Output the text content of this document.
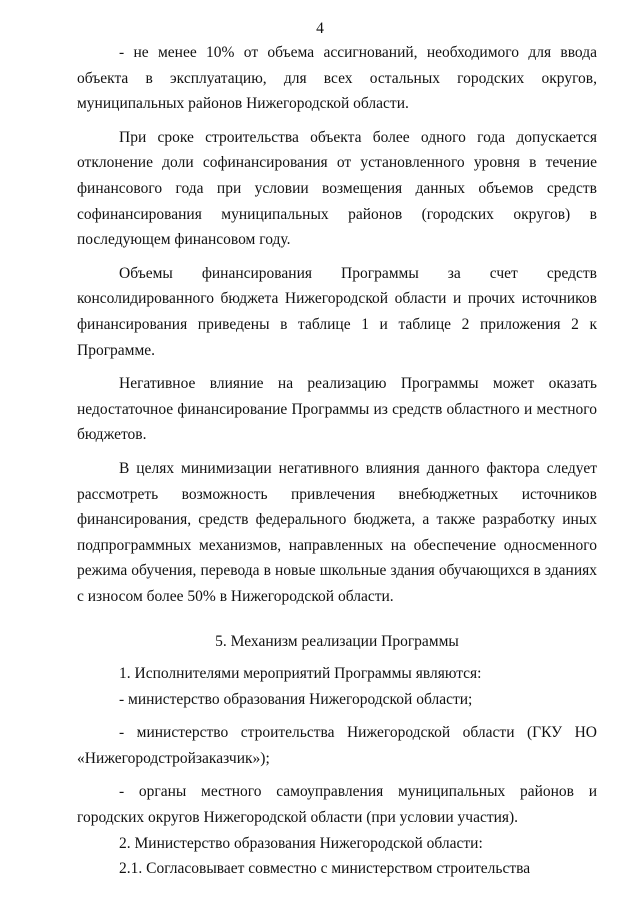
4

- не менее 10% от объема ассигнований, необходимого для ввода объекта в эксплуатацию, для всех остальных городских округов, муниципальных районов Нижегородской области.

При сроке строительства объекта более одного года допускается отклонение доли софинансирования от установленного уровня в течение финансового года при условии возмещения данных объемов средств софинансирования муниципальных районов (городских округов) в последующем финансовом году.

Объемы финансирования Программы за счет средств консолидированного бюджета Нижегородской области и прочих источников финансирования приведены в таблице 1 и таблице 2 приложения 2 к Программе.

Негативное влияние на реализацию Программы может оказать недостаточное финансирование Программы из средств областного и местного бюджетов.

В целях минимизации негативного влияния данного фактора следует рассмотреть возможность привлечения внебюджетных источников финансирования, средств федерального бюджета, а также разработку иных подпрограммных механизмов, направленных на обеспечение односменного режима обучения, перевода в новые школьные здания обучающихся в зданиях с износом более 50% в Нижегородской области.

5. Механизм реализации Программы

1. Исполнителями мероприятий Программы являются:

- министерство образования Нижегородской области;

- министерство строительства Нижегородской области (ГКУ НО «Нижегородстройзаказчик»);

- органы местного самоуправления муниципальных районов и городских округов Нижегородской области (при условии участия).

2. Министерство образования Нижегородской области:

2.1. Согласовывает совместно с министерством строительства
